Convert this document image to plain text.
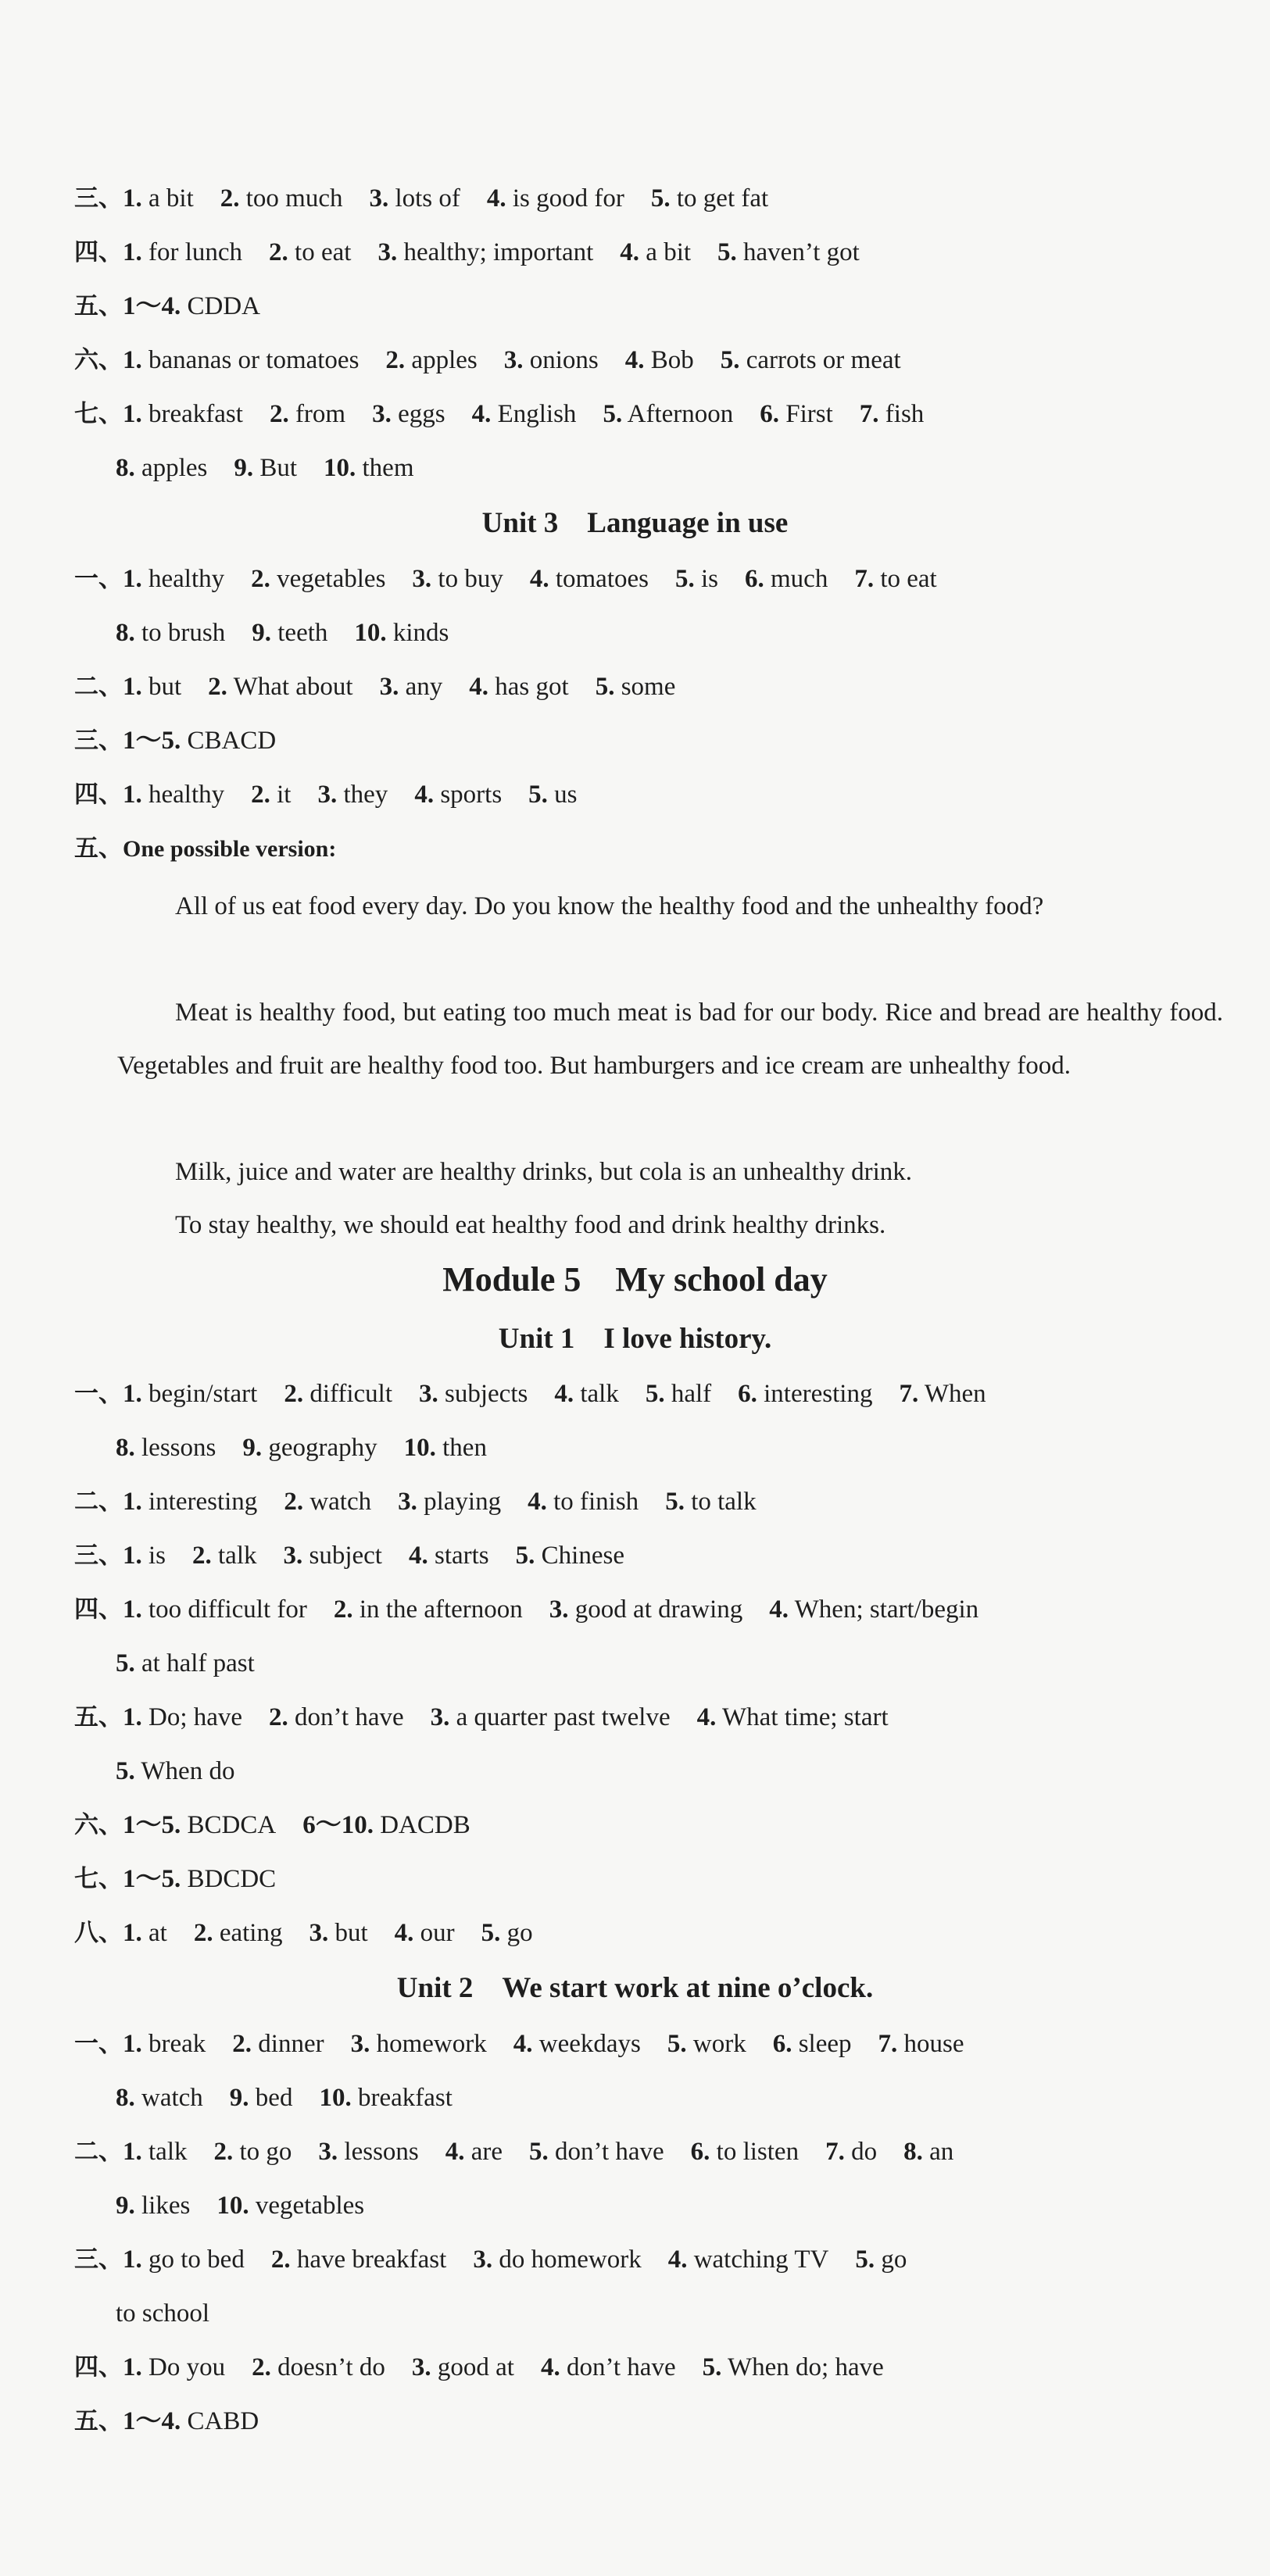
三、1. a bit 2. too much 3. lots of 4. is good for 5. to get fat
四、1. for lunch 2. to eat 3. healthy; important 4. a bit 5. haven’t got
五、1～4. CDDA
六、1. bananas or tomatoes 2. apples 3. onions 4. Bob 5. carrots or meat
七、1. breakfast 2. from 3. eggs 4. English 5. Afternoon 6. First 7. fish
8. apples 9. But 10. them
Unit 3　Language in use
一、1. healthy 2. vegetables 3. to buy 4. tomatoes 5. is 6. much 7. to eat
8. to brush 9. teeth 10. kinds
二、1. but 2. What about 3. any 4. has got 5. some
三、1～5. CBACD
四、1. healthy 2. it 3. they 4. sports 5. us
五、One possible version:
All of us eat food every day. Do you know the healthy food and the unhealthy food?
Meat is healthy food, but eating too much meat is bad for our body. Rice and bread are healthy food. Vegetables and fruit are healthy food too. But hamburgers and ice cream are unhealthy food.
Milk, juice and water are healthy drinks, but cola is an unhealthy drink.
To stay healthy, we should eat healthy food and drink healthy drinks.
Module 5　My school day
Unit 1　I love history.
一、1. begin/start 2. difficult 3. subjects 4. talk 5. half 6. interesting 7. When
8. lessons 9. geography 10. then
二、1. interesting 2. watch 3. playing 4. to finish 5. to talk
三、1. is 2. talk 3. subject 4. starts 5. Chinese
四、1. too difficult for 2. in the afternoon 3. good at drawing 4. When; start/begin
5. at half past
五、1. Do; have 2. don’t have 3. a quarter past twelve 4. What time; start
5. When do
六、1～5. BCDCA 6～10. DACDB
七、1～5. BDCDC
八、1. at 2. eating 3. but 4. our 5. go
Unit 2　We start work at nine o’clock.
一、1. break 2. dinner 3. homework 4. weekdays 5. work 6. sleep 7. house
8. watch 9. bed 10. breakfast
二、1. talk 2. to go 3. lessons 4. are 5. don’t have 6. to listen 7. do 8. an
9. likes 10. vegetables
三、1. go to bed 2. have breakfast 3. do homework 4. watching TV 5. go
to school
四、1. Do you 2. doesn’t do 3. good at 4. don’t have 5. When do; have
五、1～4. CABD
